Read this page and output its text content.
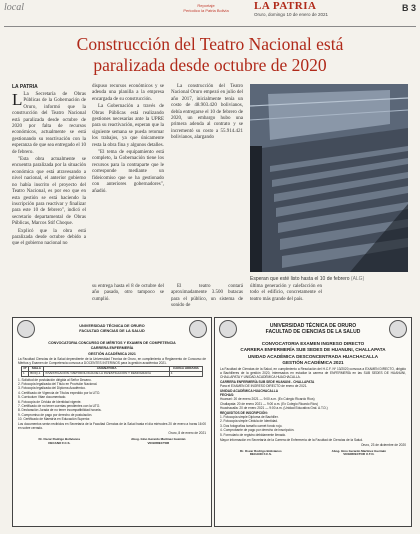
local	Reportaje
Periodico la Patria Bolivia	LA PATRIA
Oruro, domingo 10 de enero de 2021
B 3
Construcción del Teatro Nacional está
paralizada desde octubre de 2020
LA PATRIA

L La Secretaría de Obras Públicas de la Gobernación de Oruro, informó que la construcción del Teatro Nacional está paralizada desde octubre de 2020 por falta de recursos económicos, actualmente se está gestionando su reactivación con la esperanza de que sea entregado el 10 de febrero.

"Esta obra actualmente se encuentra paralizada por la situación económica que está atravesando a nivel nacional, el anterior gobierno no había inscrito el proyecto del Teatro Nacional, es por eso que en esta gestión se está haciendo la inscripción para reactivar y finalizar para este 10 de febrero", indicó el secretario departamental de Obras Públicas, Marcos Stif Choque.

Explicó que la obra está paralizada desde octubre debido a que el gobierno nacional no

dispuso recursos económicos y se adeuda una planilla a la empresa encargada de su construcción.

La Gobernación a través de Obras Públicas está realizando gestiones necesarias ante la UPRE para su reactivación, esperan que la siguiente semana se pueda retomar los trabajos, ya que únicamente resta la obra fina y algunos detalles.

"El tema de equipamiento está completo, la Gobernación tiene los recursos para la contraparte que le corresponde mediante un fideicomiso que se ha gestionado con anteriores gobernadores", añadió.

La construcción del Teatro Nacional Oruro empezó en julio del año 2017, inicialmente tenía un costo de 48.903.420 bolivianos, debía entregarse el 10 de febrero de 2020, un embargo hubo una primera adenda al contrato y se incrementó su costo a 55.914.421 bolivianos, alargando

Esperan que esté listo hasta el 10 de febrero (ALG)

su entrega hasta el 8 de octubre del año pasado, otro tampoco se cumplió.

El teatro contará aproximadamente 3.500 butacas para el público, un sistema de sonido de

última generación y calefacción en todo el edificio, concretamente el teatro más grande del país.

UNIVERSIDAD TÉCNICA DE ORURO
FACULTAD CIENCIAS DE LA SALUD
CONVOCATORIA CONCURSO DE MÉRITOS Y EXAMEN DE COMPETENCIA
CARRERA ENFERMERÍA
GESTIÓN ACADÉMICA 2021
La Facultad Ciencias de la Salud dependiente de la Universidad Técnica de Oruro, en cumplimiento a Reglamento de Concurso de Méritos y Examen de Competencia convoca a DOCENTES INTERINOS para la gestión académica 2021.
Nº	SIGLA	ASIGNATURA	CARGA HORARIA
1	BIOQ-1	INVESTIGACIÓN / METODOLOGÍA DE LA INVESTIGACIÓN Y DEMOGRAFÍA	4
1. Solicitud de postulación dirigida al Señor Decano.
2. Fotocopia legalizada del Título en Provisión Nacional.
3. Fotocopia legalizada del Diploma Académico.
4. Certificado de Vigencia de Títulos expedido por la UTO.
5. Curriculum Vitae documentado.
6. Fotocopia de Cédula de Identidad vigente.
7. Certificado de no tener cuentas pendientes con la UTO.
8. Declaración Jurada de no tener incompatibilidad horaria.
9. Compromiso de pago por derecho de postulación.
10. Certificado de Maestría en Educación Superior.
Los documentos serán recibidos en Secretaría de la Facultad Ciencias de la Salud hasta el día miércoles 20 de enero a horas 16:00 en sobre cerrado.
Oruro, 8 de enero de 2021
Dr. Oscar Rodrigo Bolivianos
DECANO F.C.S.
Abog. Gino Gerardo Martínez Guzmán
VICERRECTOR
UNIVERSIDAD TÉCNICA DE ORURO
FACULTAD DE CIENCIAS DE LA SALUD
CONVOCATORIA EXAMEN INGRESO DIRECTO
CARRERA ENFERMERÍA SUB SEDES DE HUANUNI, CHALLAPATA
UNIDAD ACADÉMICA DESCONCENTRADA HUACHACALLA
GESTIÓN ACADÉMICA 2021
La Facultad de Ciencias de la Salud, en cumplimiento a Resolución del H.C.F. Nº 13/2020 convoca a EXAMEN DIRECTO, dirigido a Bachilleres de la gestión 2020, interesados en estudiar la carrera de ENFERMERÍA en las SUB SEDES DE HUANUNI, CHALLAPATA Y UNIDAD ACADÉMICA HUACHACALLA.
CARRERA ENFERMERÍA SUB SEDE HUANUNI - CHALLAPATA
Para el EXAMEN DE INGRESO DIRECTO de enero de 2021.
UNIDAD ACADÉMICA HUACHACALLA
FECHAS:
Huanuni: 20 de enero 2021 — 9:00 a.m. (Ex Colegio Ricardo Ríos)
Challapata: 20 de enero 2021 — 9:00 a.m. (Ex Colegio Ricardo Ríos)
Huachacalla: 20 de enero 2021 — 9:00 a.m. (Unidad Educativa Gral. A.T.D.)
REQUISITOS DE INSCRIPCIÓN:
1. Fotocopia simple Diploma de Bachiller.
2. Fotocopia simple Cédula de Identidad.
3. Dos fotografías tamaño carnet fondo rojo.
4. Comprobante de pago por derecho de inscripción.
5. Formulario de registro debidamente llenado.
Mayor información en Secretaría de la Carrera de Enfermería de la Facultad de Ciencias de la Salud.
Oruro, 23 de diciembre de 2020
Dr. Oscar Rodrigo Bolivianos
DECANO F.C.S.
Abog. Gino Gerardo Martínez Guzmán
VICERRECTOR U.T.O.
